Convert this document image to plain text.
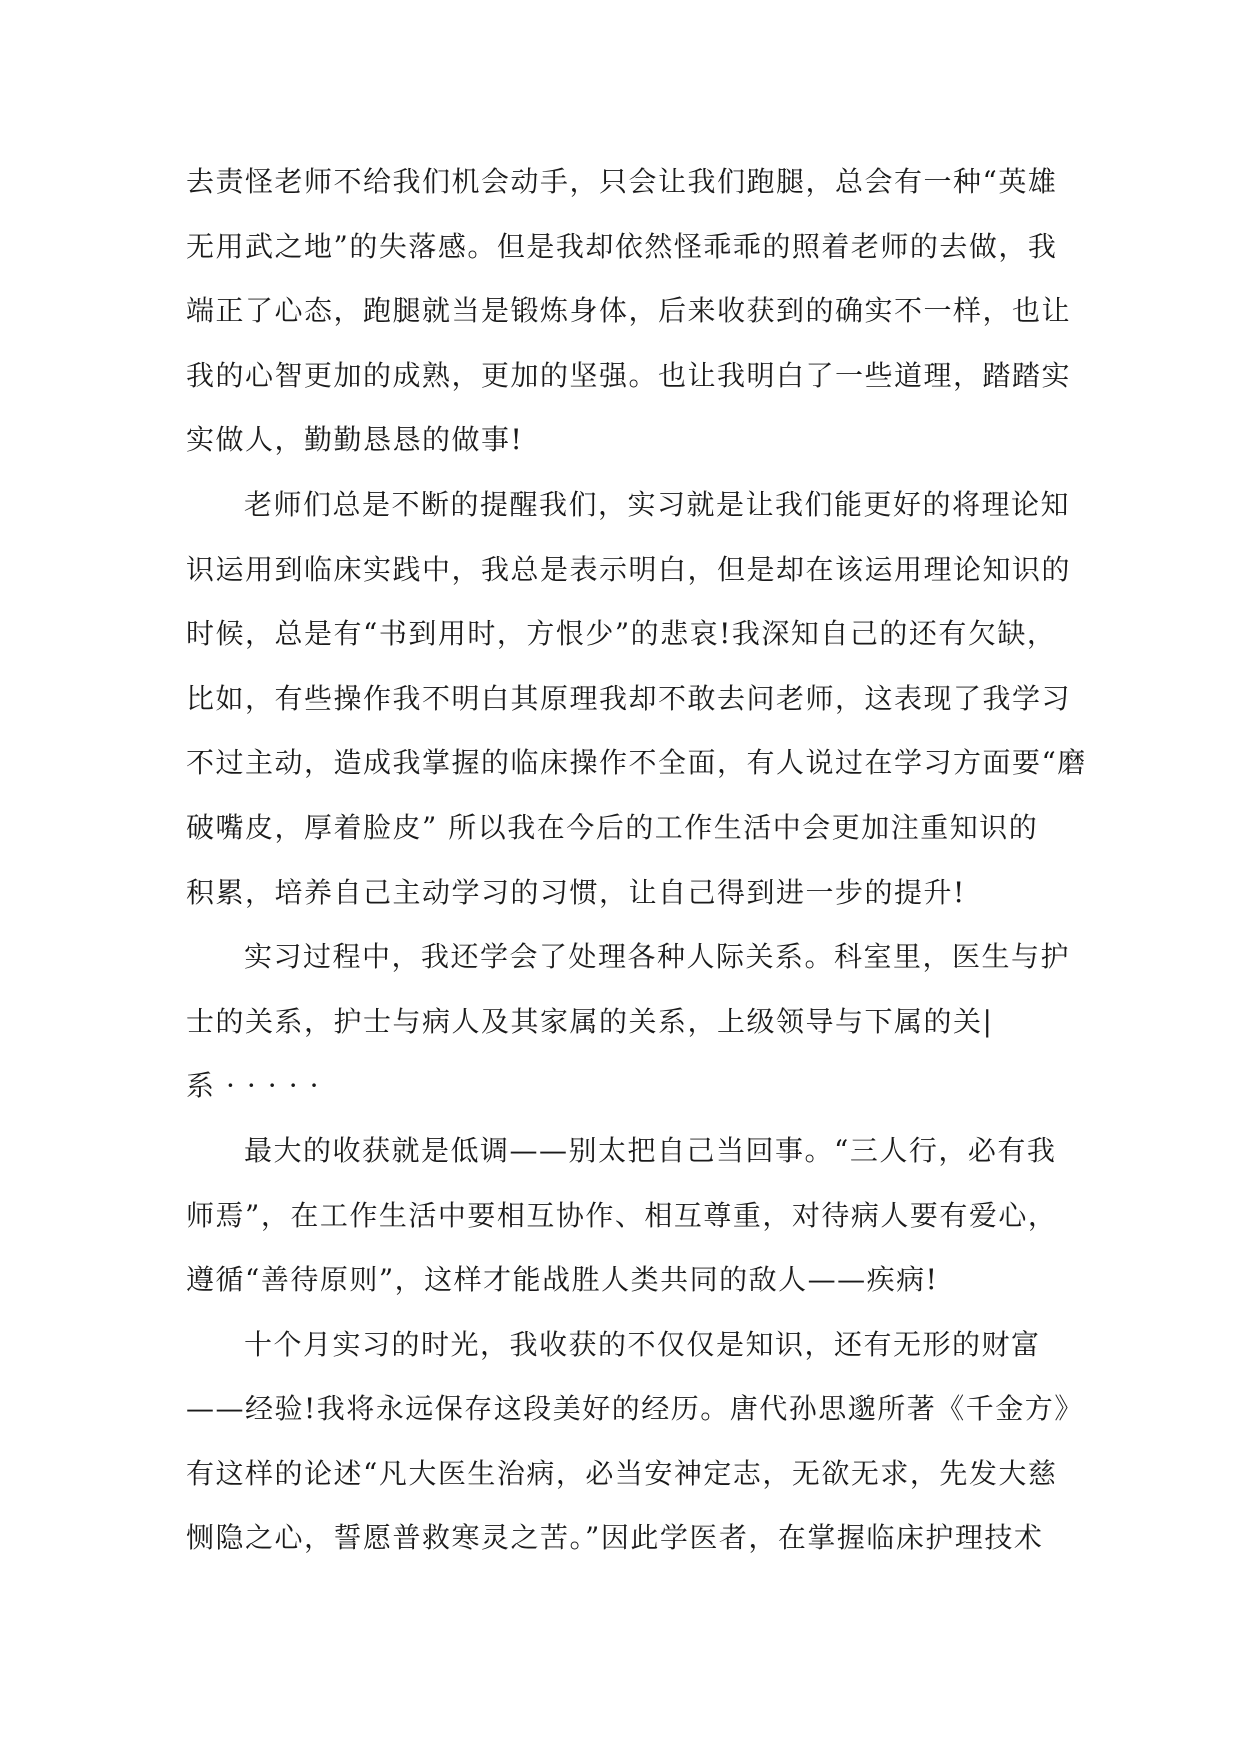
去责怪老师不给我们机会动手，只会让我们跑腿，总会有一种“英雄
无用武之地”的失落感。但是我却依然怪乖乖的照着老师的去做，我
端正了心态，跑腿就当是锻炼身体，后来收获到的确实不一样，也让
我的心智更加的成熟，更加的坚强。也让我明白了一些道理，踏踏实
实做人，勤勤恳恳的做事!
老师们总是不断的提醒我们，实习就是让我们能更好的将理论知
识运用到临床实践中，我总是表示明白，但是却在该运用理论知识的
时候，总是有“书到用时，方恨少”的悲哀!我深知自己的还有欠缺，
比如，有些操作我不明白其原理我却不敢去问老师，这表现了我学习
不过主动，造成我掌握的临床操作不全面，有人说过在学习方面要“磨
破嘴皮，厚着脸皮” 所以我在今后的工作生活中会更加注重知识的
积累，培养自己主动学习的习惯，让自己得到进一步的提升!
实习过程中，我还学会了处理各种人际关系。科室里，医生与护
士的关系，护士与病人及其家属的关系，上级领导与下属的关|
系·····
最大的收获就是低调——别太把自己当回事。“三人行，必有我
师焉”，在工作生活中要相互协作、相互尊重，对待病人要有爱心，
遵循“善待原则”，这样才能战胜人类共同的敌人——疾病!
十个月实习的时光，我收获的不仅仅是知识，还有无形的财富
——经验!我将永远保存这段美好的经历。唐代孙思邈所著《千金方》
有这样的论述“凡大医生治病，必当安神定志，无欲无求，先发大慈
恻隐之心，誓愿普救寒灵之苦。”因此学医者，在掌握临床护理技术
